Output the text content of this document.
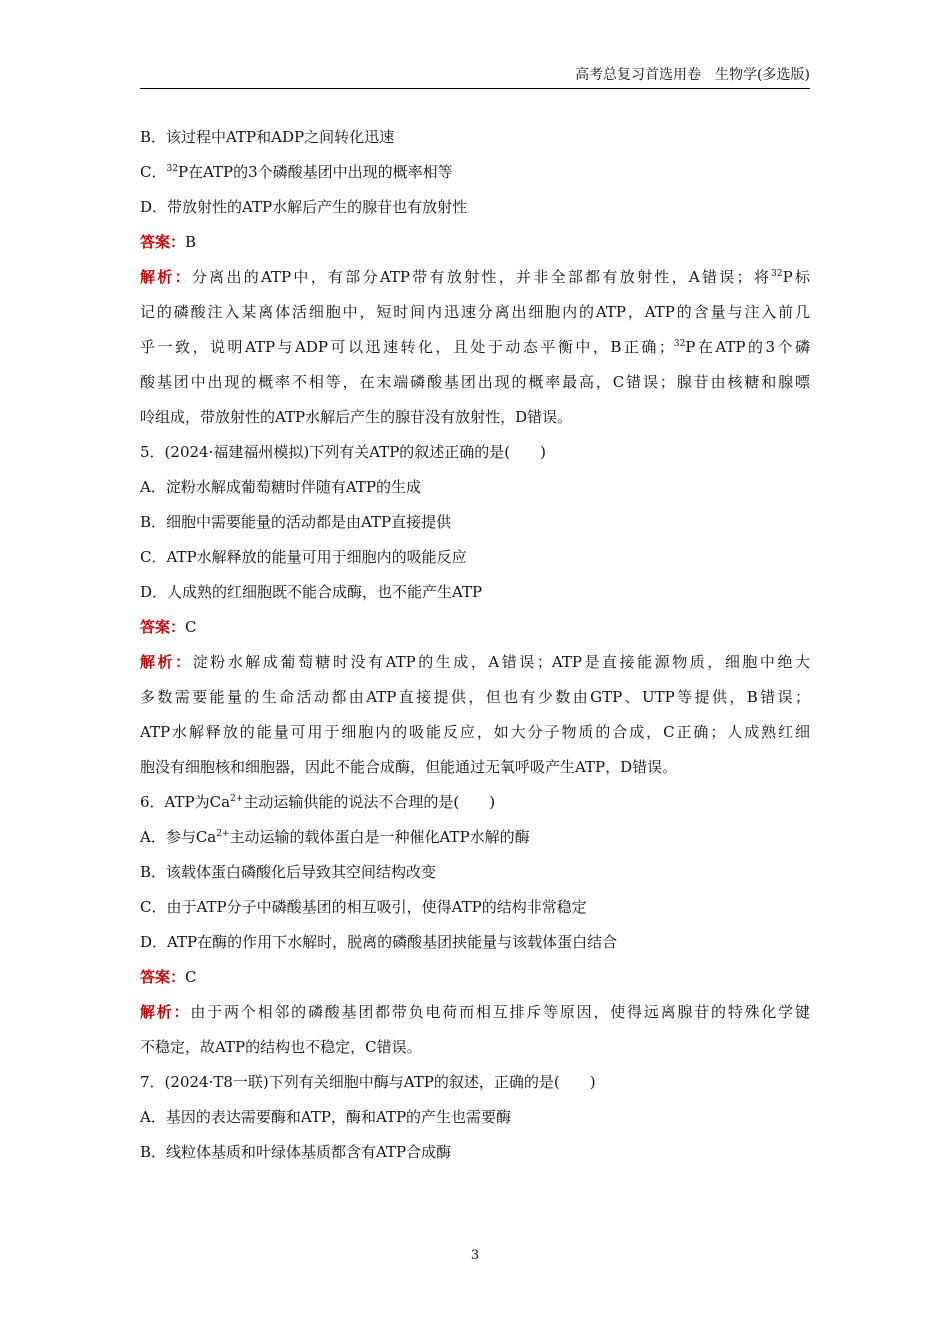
高考总复习首选用卷　生物学(多选版)
B．该过程中ATP和ADP之间转化迅速
C．$^{32}$P在ATP的3个磷酸基团中出现的概率相等
D．带放射性的ATP水解后产生的腺苷也有放射性
答案：B
解析：分离出的ATP中，有部分ATP带有放射性，并非全部都有放射性，A错误；将$^{32}$P标
记的磷酸注入某离体活细胞中，短时间内迅速分离出细胞内的ATP，ATP的含量与注入前几
乎一致，说明ATP与ADP可以迅速转化，且处于动态平衡中，B正确；$^{32}$P在ATP的3个磷
酸基团中出现的概率不相等，在末端磷酸基团出现的概率最高，C错误；腺苷由核糖和腺嘌
呤组成，带放射性的ATP水解后产生的腺苷没有放射性，D错误。
5．(2024·福建福州模拟)下列有关ATP的叙述正确的是(　　)
A．淀粉水解成葡萄糖时伴随有ATP的生成
B．细胞中需要能量的活动都是由ATP直接提供
C．ATP水解释放的能量可用于细胞内的吸能反应
D．人成熟的红细胞既不能合成酶，也不能产生ATP
答案：C
解析：淀粉水解成葡萄糖时没有ATP的生成，A错误；ATP是直接能源物质，细胞中绝大
多数需要能量的生命活动都由ATP直接提供，但也有少数由GTP、UTP等提供，B错误；
ATP水解释放的能量可用于细胞内的吸能反应，如大分子物质的合成，C正确；人成熟红细
胞没有细胞核和细胞器，因此不能合成酶，但能通过无氧呼吸产生ATP，D错误。
6．ATP为$Ca^{2+}$主动运输供能的说法不合理的是(　　)
A．参与$Ca^{2+}$主动运输的载体蛋白是一种催化ATP水解的酶
B．该载体蛋白磷酸化后导致其空间结构改变
C．由于ATP分子中磷酸基团的相互吸引，使得ATP的结构非常稳定
D．ATP在酶的作用下水解时，脱离的磷酸基团挟能量与该载体蛋白结合
答案：C
解析：由于两个相邻的磷酸基团都带负电荷而相互排斥等原因，使得远离腺苷的特殊化学键
不稳定，故ATP的结构也不稳定，C错误。
7．(2024·T8一联)下列有关细胞中酶与ATP的叙述，正确的是(　　)
A．基因的表达需要酶和ATP，酶和ATP的产生也需要酶
B．线粒体基质和叶绿体基质都含有ATP合成酶
3
